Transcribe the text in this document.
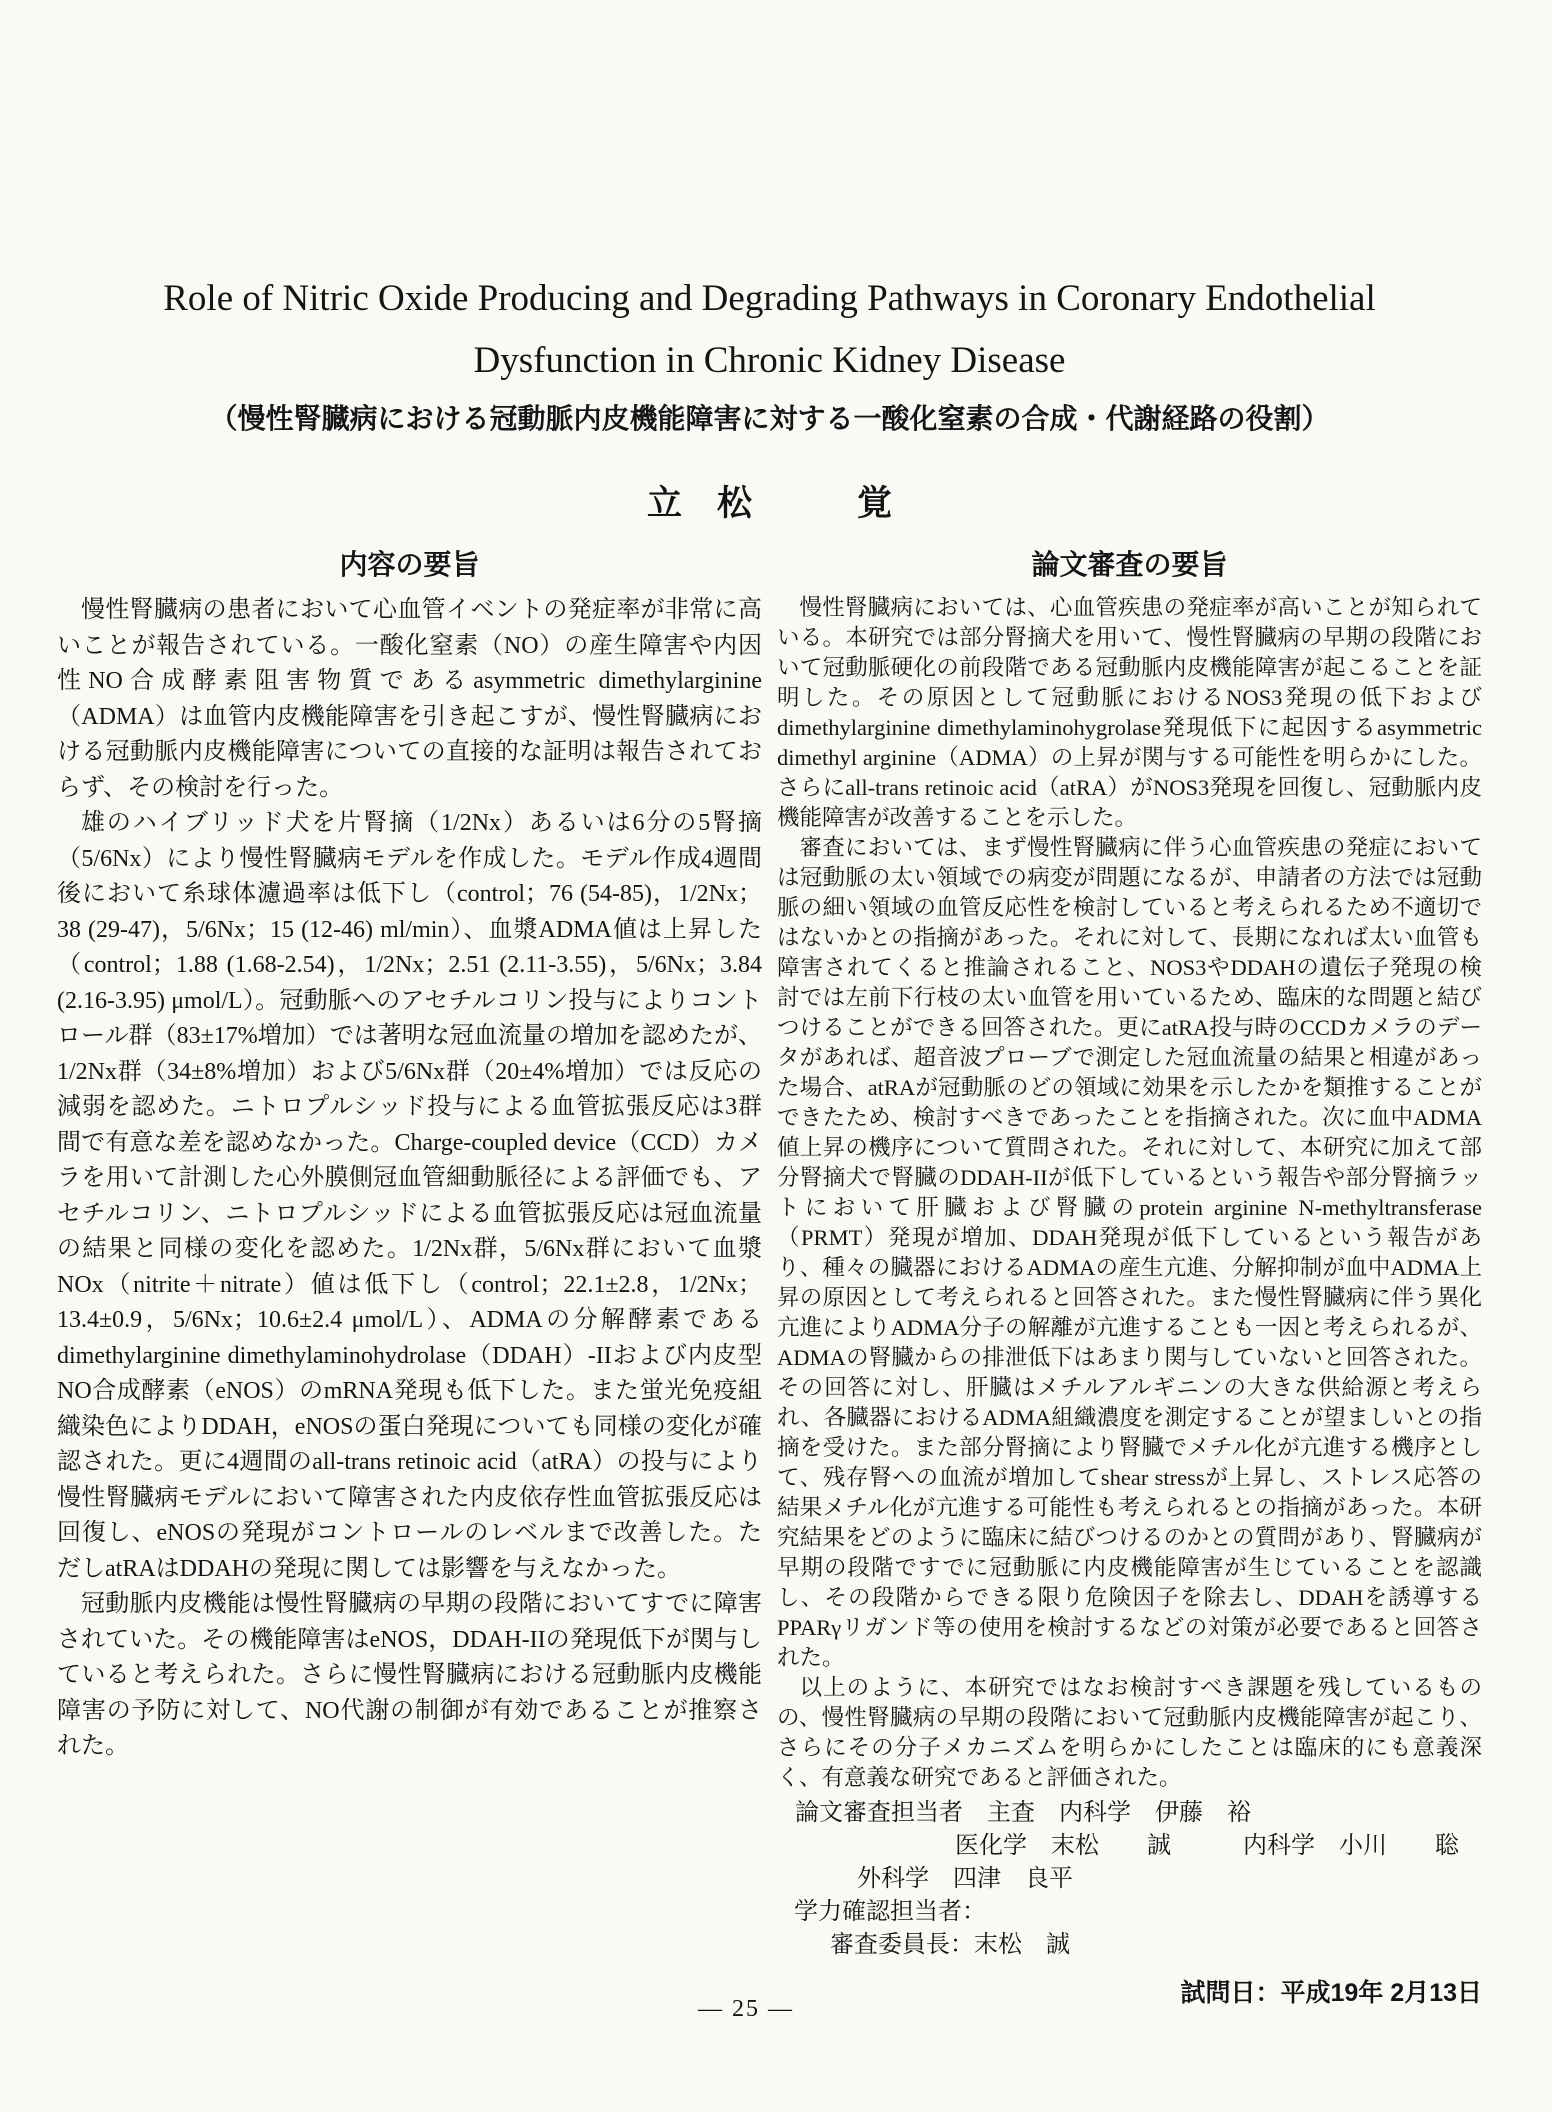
Role of Nitric Oxide Producing and Degrading Pathways in Coronary Endothelial
Dysfunction in Chronic Kidney Disease
（慢性腎臓病における冠動脈内皮機能障害に対する一酸化窒素の合成・代謝経路の役割）
立　松　　　覚
内容の要旨

慢性腎臓病の患者において心血管イベントの発症率が非常に高いことが報告されている。一酸化窒素（NO）の産生障害や内因性NO合成酵素阻害物質であるasymmetric dimethylarginine（ADMA）は血管内皮機能障害を引き起こすが、慢性腎臓病における冠動脈内皮機能障害についての直接的な証明は報告されておらず、その検討を行った。

雄のハイブリッド犬を片腎摘（1/2Nx）あるいは6分の5腎摘（5/6Nx）により慢性腎臓病モデルを作成した。モデル作成4週間後において糸球体濾過率は低下し（control；76 (54-85)，1/2Nx；38 (29-47)，5/6Nx；15 (12-46) ml/min）、血漿ADMA値は上昇した（control；1.88 (1.68-2.54)，1/2Nx；2.51 (2.11-3.55)，5/6Nx；3.84 (2.16-3.95) μmol/L）。冠動脈へのアセチルコリン投与によりコントロール群（83±17%増加）では著明な冠血流量の増加を認めたが、1/2Nx群（34±8%増加）および5/6Nx群（20±4%増加）では反応の減弱を認めた。ニトロプルシッド投与による血管拡張反応は3群間で有意な差を認めなかった。Charge-coupled device（CCD）カメラを用いて計測した心外膜側冠血管細動脈径による評価でも、アセチルコリン、ニトロプルシッドによる血管拡張反応は冠血流量の結果と同様の変化を認めた。1/2Nx群，5/6Nx群において血漿NOx（nitrite＋nitrate）値は低下し（control；22.1±2.8，1/2Nx；13.4±0.9，5/6Nx；10.6±2.4 μmol/L）、ADMAの分解酵素であるdimethylarginine dimethylaminohydrolase（DDAH）-IIおよび内皮型NO合成酵素（eNOS）のmRNA発現も低下した。また蛍光免疫組織染色によりDDAH，eNOSの蛋白発現についても同様の変化が確認された。更に4週間のall-trans retinoic acid（atRA）の投与により慢性腎臓病モデルにおいて障害された内皮依存性血管拡張反応は回復し、eNOSの発現がコントロールのレベルまで改善した。ただしatRAはDDAHの発現に関しては影響を与えなかった。

冠動脈内皮機能は慢性腎臓病の早期の段階においてすでに障害されていた。その機能障害はeNOS，DDAH-IIの発現低下が関与していると考えられた。さらに慢性腎臓病における冠動脈内皮機能障害の予防に対して、NO代謝の制御が有効であることが推察された。

論文審査の要旨

慢性腎臓病においては、心血管疾患の発症率が高いことが知られている。本研究では部分腎摘犬を用いて、慢性腎臓病の早期の段階において冠動脈硬化の前段階である冠動脈内皮機能障害が起こることを証明した。その原因として冠動脈におけるNOS3発現の低下およびdimethylarginine dimethylaminohygrolase発現低下に起因するasymmetric dimethyl arginine（ADMA）の上昇が関与する可能性を明らかにした。さらにall-trans retinoic acid（atRA）がNOS3発現を回復し、冠動脈内皮機能障害が改善することを示した。

審査においては、まず慢性腎臓病に伴う心血管疾患の発症においては冠動脈の太い領域での病変が問題になるが、申請者の方法では冠動脈の細い領域の血管反応性を検討していると考えられるため不適切ではないかとの指摘があった。それに対して、長期になれば太い血管も障害されてくると推論されること、NOS3やDDAHの遺伝子発現の検討では左前下行枝の太い血管を用いているため、臨床的な問題と結びつけることができる回答された。更にatRA投与時のCCDカメラのデータがあれば、超音波プローブで測定した冠血流量の結果と相違があった場合、atRAが冠動脈のどの領域に効果を示したかを類推することができたため、検討すべきであったことを指摘された。次に血中ADMA値上昇の機序について質問された。それに対して、本研究に加えて部分腎摘犬で腎臓のDDAH-IIが低下しているという報告や部分腎摘ラットにおいて肝臓および腎臓のprotein arginine N-methyltransferase（PRMT）発現が増加、DDAH発現が低下しているという報告があり、種々の臓器におけるADMAの産生亢進、分解抑制が血中ADMA上昇の原因として考えられると回答された。また慢性腎臓病に伴う異化亢進によりADMA分子の解離が亢進することも一因と考えられるが、ADMAの腎臓からの排泄低下はあまり関与していないと回答された。その回答に対し、肝臓はメチルアルギニンの大きな供給源と考えられ、各臓器におけるADMA組織濃度を測定することが望ましいとの指摘を受けた。また部分腎摘により腎臓でメチル化が亢進する機序として、残存腎への血流が増加してshear stressが上昇し、ストレス応答の結果メチル化が亢進する可能性も考えられるとの指摘があった。本研究結果をどのように臨床に結びつけるのかとの質問があり、腎臓病が早期の段階ですでに冠動脈に内皮機能障害が生じていることを認識し、その段階からできる限り危険因子を除去し、DDAHを誘導するPPARγリガンド等の使用を検討するなどの対策が必要であると回答された。

以上のように、本研究ではなお検討すべき課題を残しているものの、慢性腎臓病の早期の段階において冠動脈内皮機能障害が起こり、さらにその分子メカニズムを明らかにしたことは臨床的にも意義深く、有意義な研究であると評価された。

論文審査担当者　主査　内科学　伊藤　裕
医化学　末松　　誠　　　内科学　小川　　聡
外科学　四津　良平
学力確認担当者：
審査委員長：末松　誠
試問日：平成19年 2月13日
— 25 —
